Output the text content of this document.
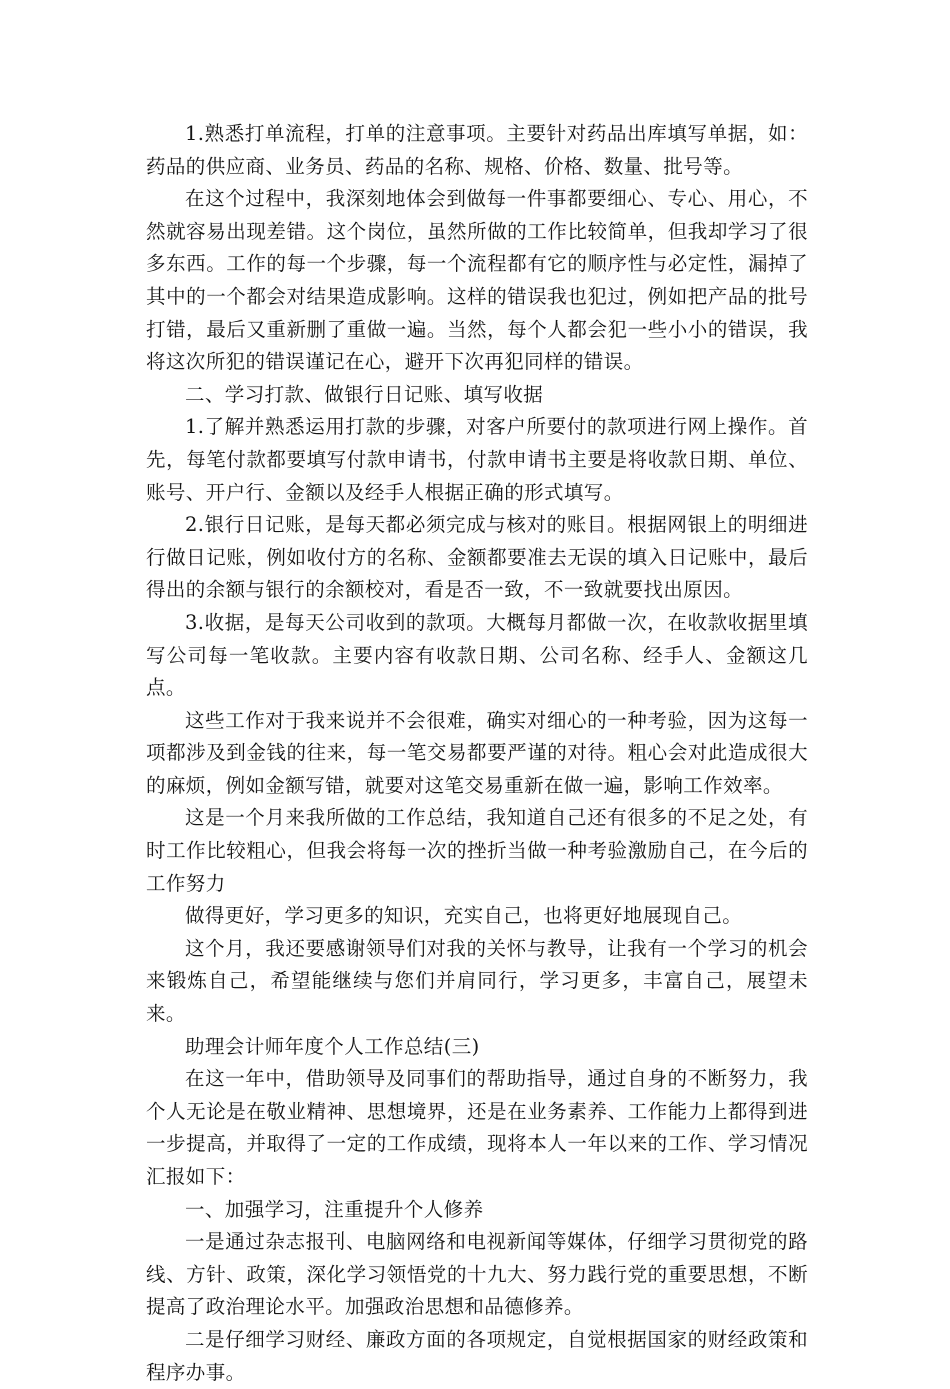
1.熟悉打单流程，打单的注意事项。主要针对药品出库填写单据，如：药品的供应商、业务员、药品的名称、规格、价格、数量、批号等。

在这个过程中，我深刻地体会到做每一件事都要细心、专心、用心，不然就容易出现差错。这个岗位，虽然所做的工作比较简单，但我却学习了很多东西。工作的每一个步骤，每一个流程都有它的顺序性与必定性，漏掉了其中的一个都会对结果造成影响。这样的错误我也犯过，例如把产品的批号打错，最后又重新删了重做一遍。当然，每个人都会犯一些小小的错误，我将这次所犯的错误谨记在心，避开下次再犯同样的错误。

二、学习打款、做银行日记账、填写收据

1.了解并熟悉运用打款的步骤，对客户所要付的款项进行网上操作。首先，每笔付款都要填写付款申请书，付款申请书主要是将收款日期、单位、账号、开户行、金额以及经手人根据正确的形式填写。

2.银行日记账，是每天都必须完成与核对的账目。根据网银上的明细进行做日记账，例如收付方的名称、金额都要准去无误的填入日记账中，最后得出的余额与银行的余额校对，看是否一致，不一致就要找出原因。

3.收据，是每天公司收到的款项。大概每月都做一次，在收款收据里填写公司每一笔收款。主要内容有收款日期、公司名称、经手人、金额这几点。

这些工作对于我来说并不会很难，确实对细心的一种考验，因为这每一项都涉及到金钱的往来，每一笔交易都要严谨的对待。粗心会对此造成很大的麻烦，例如金额写错，就要对这笔交易重新在做一遍，影响工作效率。

这是一个月来我所做的工作总结，我知道自己还有很多的不足之处，有时工作比较粗心，但我会将每一次的挫折当做一种考验激励自己，在今后的工作努力

做得更好，学习更多的知识，充实自己，也将更好地展现自己。

这个月，我还要感谢领导们对我的关怀与教导，让我有一个学习的机会来锻炼自己，希望能继续与您们并肩同行，学习更多，丰富自己，展望未来。

助理会计师年度个人工作总结(三)

在这一年中，借助领导及同事们的帮助指导，通过自身的不断努力，我个人无论是在敬业精神、思想境界，还是在业务素养、工作能力上都得到进一步提高，并取得了一定的工作成绩，现将本人一年以来的工作、学习情况汇报如下：

一、加强学习，注重提升个人修养

一是通过杂志报刊、电脑网络和电视新闻等媒体，仔细学习贯彻党的路线、方针、政策，深化学习领悟党的十九大、努力践行党的重要思想，不断提高了政治理论水平。加强政治思想和品德修养。

二是仔细学习财经、廉政方面的各项规定，自觉根据国家的财经政策和程序办事。
